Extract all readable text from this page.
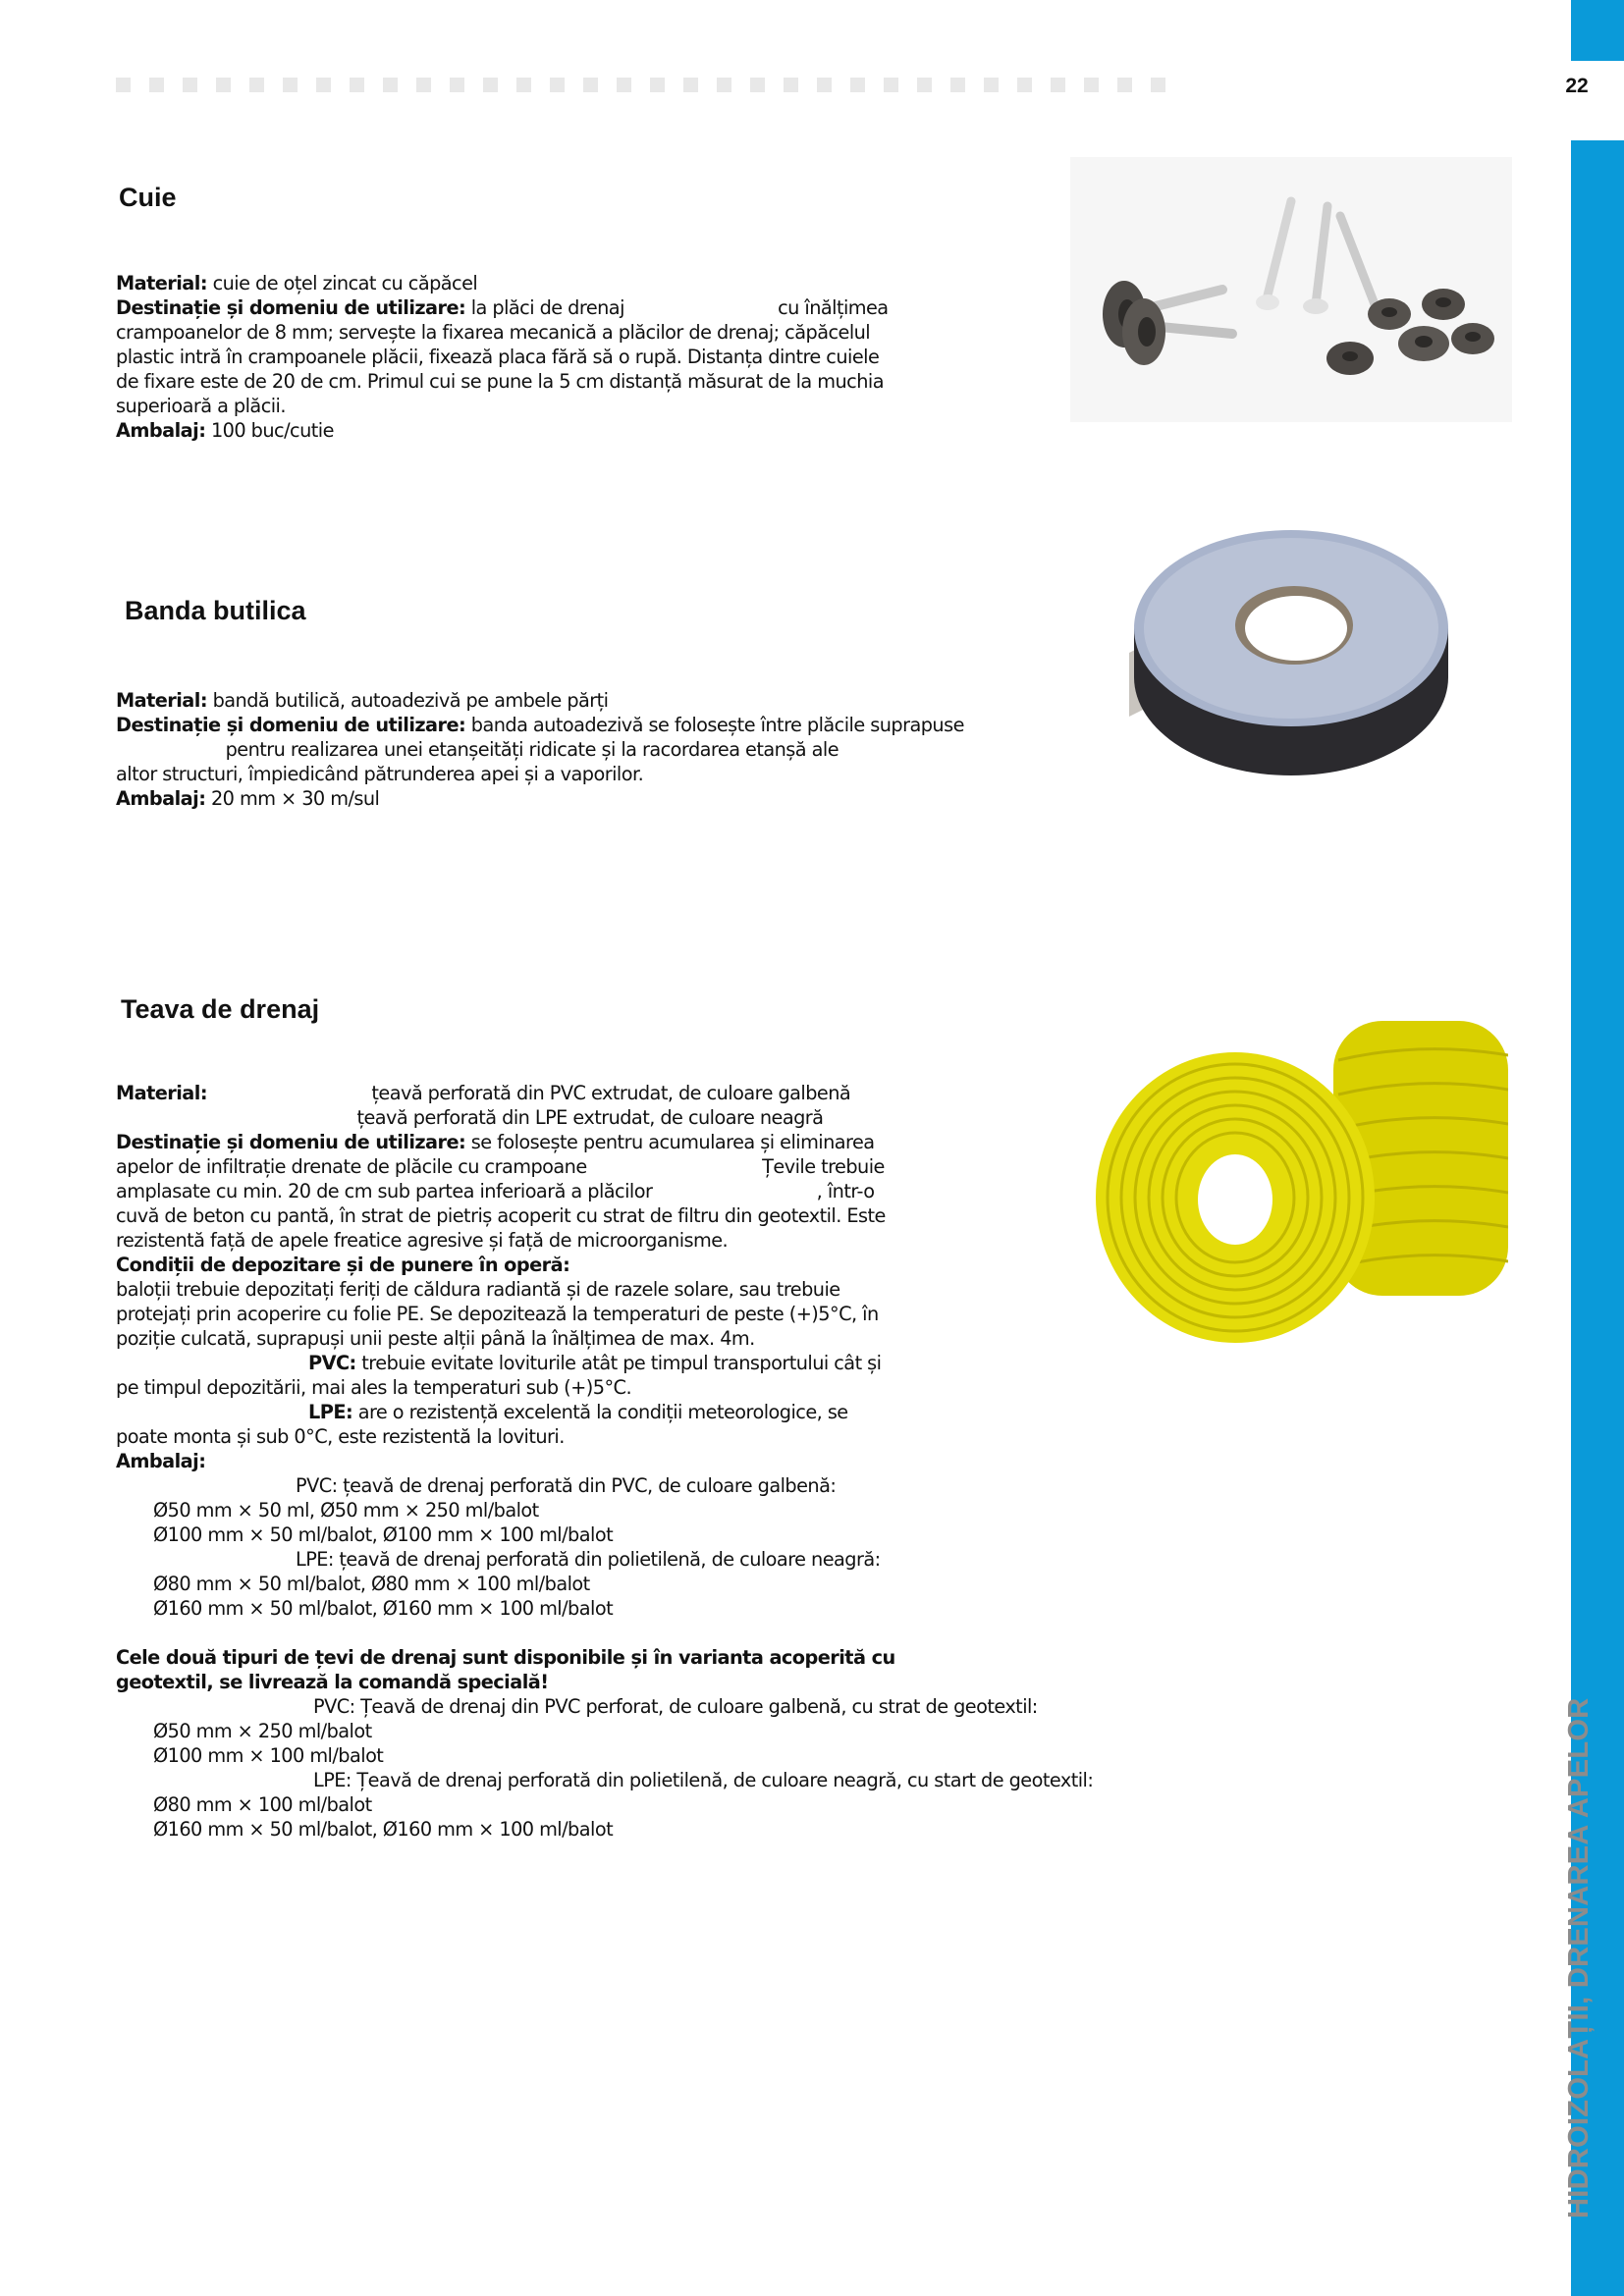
22
HIDROIZOLAȚII, DRENAREA APELOR
Cuie
Material: cuie de oțel zincat cu căpăcel
Destinație și domeniu de utilizare: la plăci de drenaj                            cu înălțimea
crampoanelor de 8 mm; servește la fixarea mecanică a plăcilor de drenaj; căpăcelul
plastic intră în crampoanele plăcii, fixează placa fără să o rupă. Distanța dintre cuiele
de fixare este de 20 de cm. Primul cui se pune la 5 cm distanță măsurat de la muchia
superioară a plăcii.
Ambalaj: 100 buc/cutie
Banda butilica
Material: bandă butilică, autoadezivă pe ambele părți
Destinație și domeniu de utilizare: banda autoadezivă se folosește între plăcile suprapuse
pentru realizarea unei etanșeități ridicate și la racordarea etanșă ale
altor structuri, împiedicând pătrunderea apei și a vaporilor.
Ambalaj: 20 mm × 30 m/sul
Teava de drenaj
Material:                              țeavă perforată din PVC extrudat, de culoare galbenă
țeavă perforată din LPE extrudat, de culoare neagră
Destinație și domeniu de utilizare: se folosește pentru acumularea și eliminarea
apelor de infiltrație drenate de plăcile cu crampoane                                Țevile trebuie
amplasate cu min. 20 de cm sub partea inferioară a plăcilor                              , într-o
cuvă de beton cu pantă, în strat de pietriș acoperit cu strat de filtru din geotextil. Este
rezistentă față de apele freatice agresive și față de microorganisme.
Condiții de depozitare și de punere în operă:
baloții trebuie depozitați feriți de căldura radiantă și de razele solare, sau trebuie
protejați prin acoperire cu folie PE. Se depozitează la temperaturi de peste (+)5°C, în
poziție culcată, suprapuși unii peste alții până la înălțimea de max. 4m.
PVC: trebuie evitate loviturile atât pe timpul transportului cât și
pe timpul depozitării, mai ales la temperaturi sub (+)5°C.
LPE: are o rezistență excelentă la condiții meteorologice, se
poate monta și sub 0°C, este rezistentă la lovituri.
Ambalaj:
PVC: țeavă de drenaj perforată din PVC, de culoare galbenă:
Ø50 mm × 50 ml, Ø50 mm × 250 ml/balot
Ø100 mm × 50 ml/balot, Ø100 mm × 100 ml/balot
LPE: țeavă de drenaj perforată din polietilenă, de culoare neagră:
Ø80 mm × 50 ml/balot, Ø80 mm × 100 ml/balot
Ø160 mm × 50 ml/balot, Ø160 mm × 100 ml/balot
Cele două tipuri de țevi de drenaj sunt disponibile și în varianta acoperită cu
geotextil, se livrează la comandă specială!
PVC: Țeavă de drenaj din PVC perforat, de culoare galbenă, cu strat de geotextil:
Ø50 mm × 250 ml/balot
Ø100 mm × 100 ml/balot
LPE: Țeavă de drenaj perforată din polietilenă, de culoare neagră, cu start de geotextil:
Ø80 mm × 100 ml/balot
Ø160 mm × 50 ml/balot, Ø160 mm × 100 ml/balot
